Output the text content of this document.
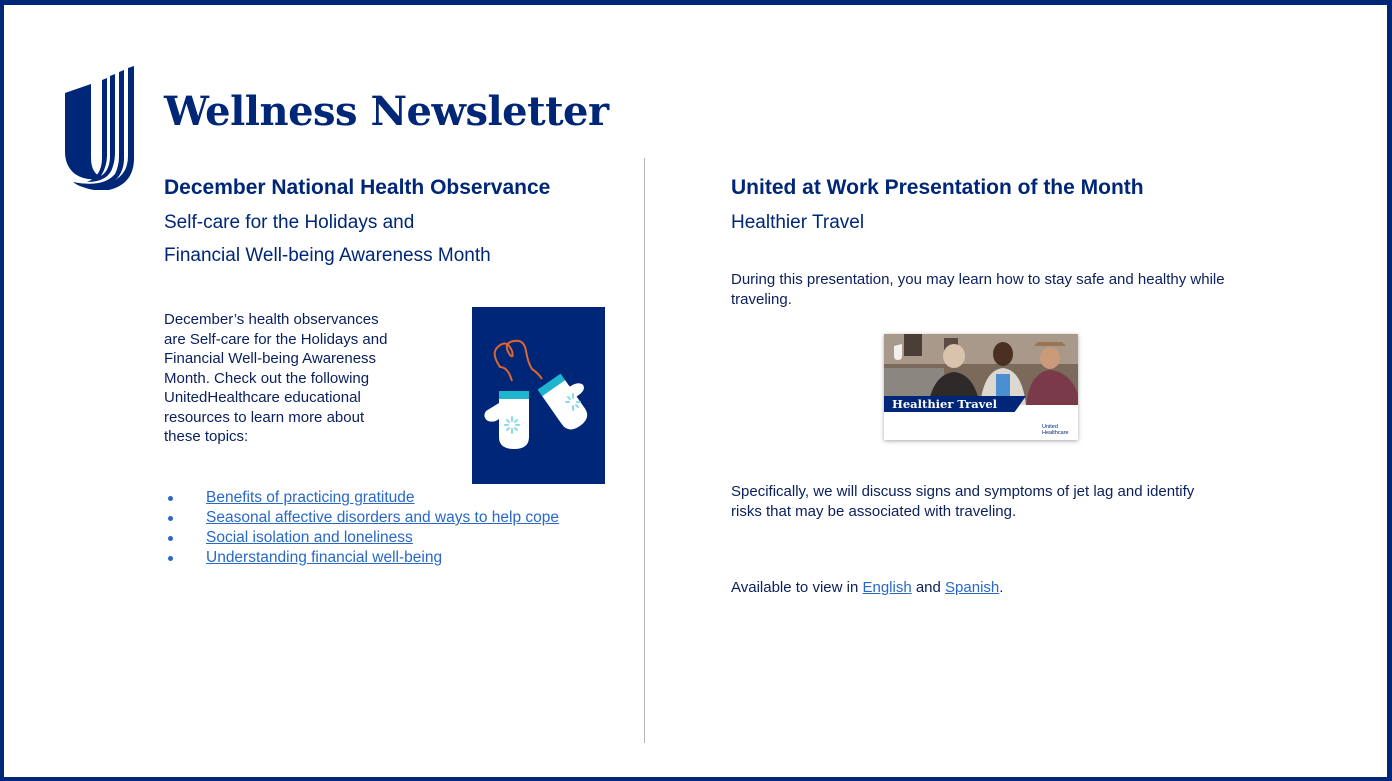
Wellness Newsletter
December National Health Observance
Self-care for the Holidays and
Financial Well-being Awareness Month
December’s health observances
are Self-care for the Holidays and
Financial Well-being Awareness
Month. Check out the following
UnitedHealthcare educational
resources to learn more about
these topics:
Benefits of practicing gratitude
Seasonal affective disorders and ways to help cope
Social isolation and loneliness
Understanding financial well-being
United at Work Presentation of the Month
Healthier Travel
During this presentation, you may learn how to stay safe and healthy while
traveling.
Healthier Travel
United
Healthcare
Specifically, we will discuss signs and symptoms of jet lag and identify
risks that may be associated with traveling.
Available to view in English and Spanish.
